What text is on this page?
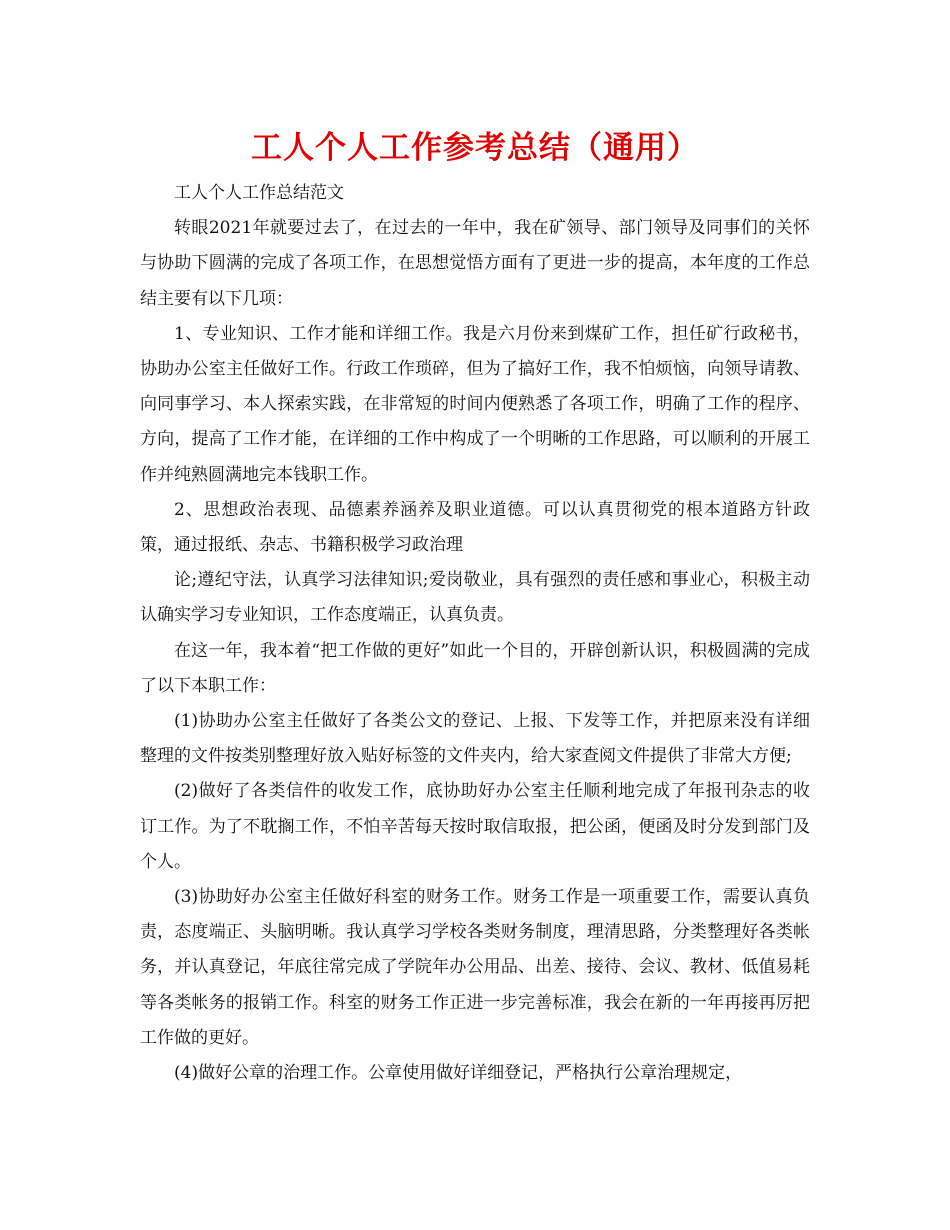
工人个人工作参考总结（通用）

工人个人工作总结范文

转眼2021年就要过去了，在过去的一年中，我在矿领导、部门领导及同事们的关怀与协助下圆满的完成了各项工作，在思想觉悟方面有了更进一步的提高，本年度的工作总结主要有以下几项：

1、专业知识、工作才能和详细工作。我是六月份来到煤矿工作，担任矿行政秘书，协助办公室主任做好工作。行政工作琐碎，但为了搞好工作，我不怕烦恼，向领导请教、向同事学习、本人探索实践，在非常短的时间内便熟悉了各项工作，明确了工作的程序、方向，提高了工作才能，在详细的工作中构成了一个明晰的工作思路，可以顺利的开展工作并纯熟圆满地完本钱职工作。

2、思想政治表现、品德素养涵养及职业道德。可以认真贯彻党的根本道路方针政策，通过报纸、杂志、书籍积极学习政治理

论;遵纪守法，认真学习法律知识;爱岗敬业，具有强烈的责任感和事业心，积极主动认确实学习专业知识，工作态度端正，认真负责。

在这一年，我本着“把工作做的更好”如此一个目的，开辟创新认识，积极圆满的完成了以下本职工作：

(1)协助办公室主任做好了各类公文的登记、上报、下发等工作，并把原来没有详细整理的文件按类别整理好放入贴好标签的文件夹内，给大家查阅文件提供了非常大方便;

(2)做好了各类信件的收发工作，底协助好办公室主任顺利地完成了年报刊杂志的收订工作。为了不耽搁工作，不怕辛苦每天按时取信取报，把公函，便函及时分发到部门及个人。

(3)协助好办公室主任做好科室的财务工作。财务工作是一项重要工作，需要认真负责，态度端正、头脑明晰。我认真学习学校各类财务制度，理清思路，分类整理好各类帐务，并认真登记，年底往常完成了学院年办公用品、出差、接待、会议、教材、低值易耗等各类帐务的报销工作。科室的财务工作正进一步完善标准，我会在新的一年再接再厉把工作做的更好。

(4)做好公章的治理工作。公章使用做好详细登记，严格执行公章治理规定，
